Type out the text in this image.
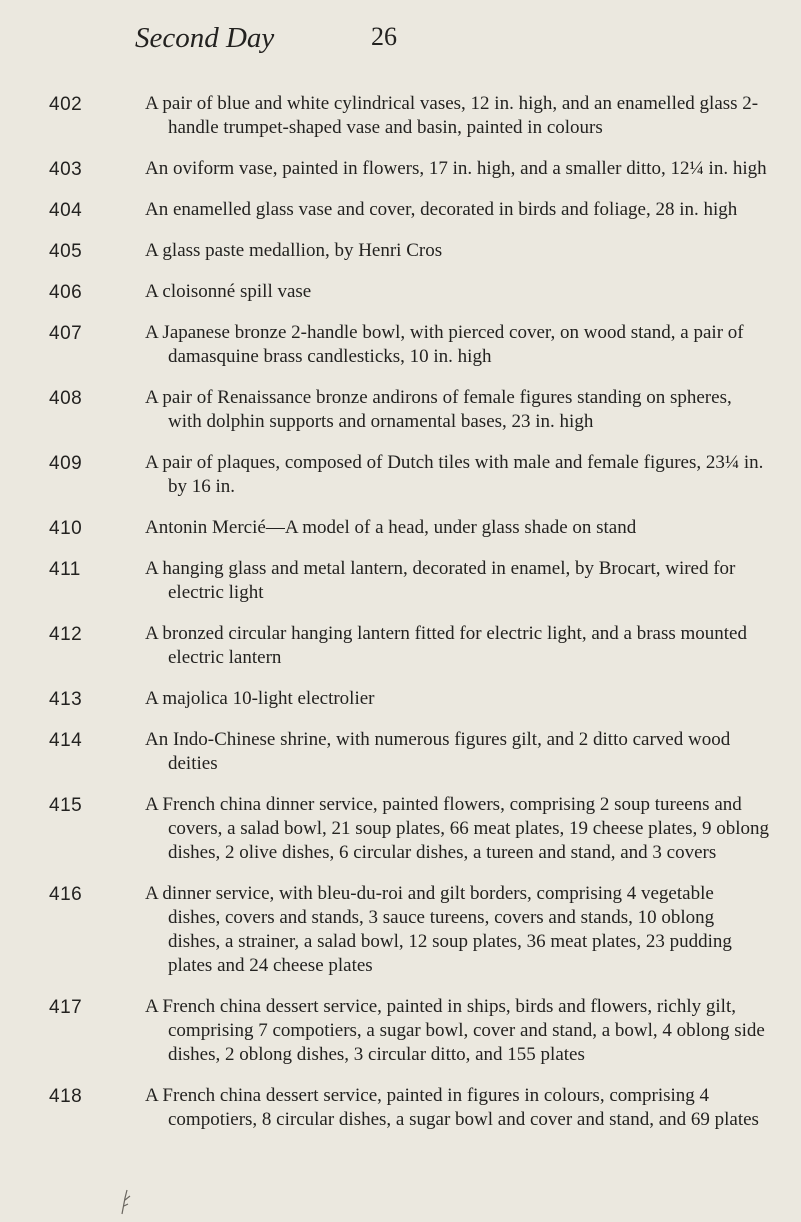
Second Day	26
402	A pair of blue and white cylindrical vases, 12 in. high, and an enamelled glass 2-handle trumpet-shaped vase and basin, painted in colours
403	An oviform vase, painted in flowers, 17 in. high, and a smaller ditto, 12¼ in. high
404	An enamelled glass vase and cover, decorated in birds and foliage, 28 in. high
405	A glass paste medallion, by Henri Cros
406	A cloisonné spill vase
407	A Japanese bronze 2-handle bowl, with pierced cover, on wood stand, a pair of damasquine brass candlesticks, 10 in. high
408	A pair of Renaissance bronze andirons of female figures standing on spheres, with dolphin supports and ornamental bases, 23 in. high
409	A pair of plaques, composed of Dutch tiles with male and female figures, 23¼ in. by 16 in.
410	Antonin Mercié—A model of a head, under glass shade on stand
411	A hanging glass and metal lantern, decorated in enamel, by Brocart, wired for electric light
412	A bronzed circular hanging lantern fitted for electric light, and a brass mounted electric lantern
413	A majolica 10-light electrolier
414	An Indo-Chinese shrine, with numerous figures gilt, and 2 ditto carved wood deities
415	A French china dinner service, painted flowers, comprising 2 soup tureens and covers, a salad bowl, 21 soup plates, 66 meat plates, 19 cheese plates, 9 oblong dishes, 2 olive dishes, 6 circular dishes, a tureen and stand, and 3 covers
416	A dinner service, with bleu-du-roi and gilt borders, comprising 4 vegetable dishes, covers and stands, 3 sauce tureens, covers and stands, 10 oblong dishes, a strainer, a salad bowl, 12 soup plates, 36 meat plates, 23 pudding plates and 24 cheese plates
417	A French china dessert service, painted in ships, birds and flowers, richly gilt, comprising 7 compotiers, a sugar bowl, cover and stand, a bowl, 4 oblong side dishes, 2 oblong dishes, 3 circular ditto, and 155 plates
418	A French china dessert service, painted in figures in colours, comprising 4 compotiers, 8 circular dishes, a sugar bowl and cover and stand, and 69 plates
